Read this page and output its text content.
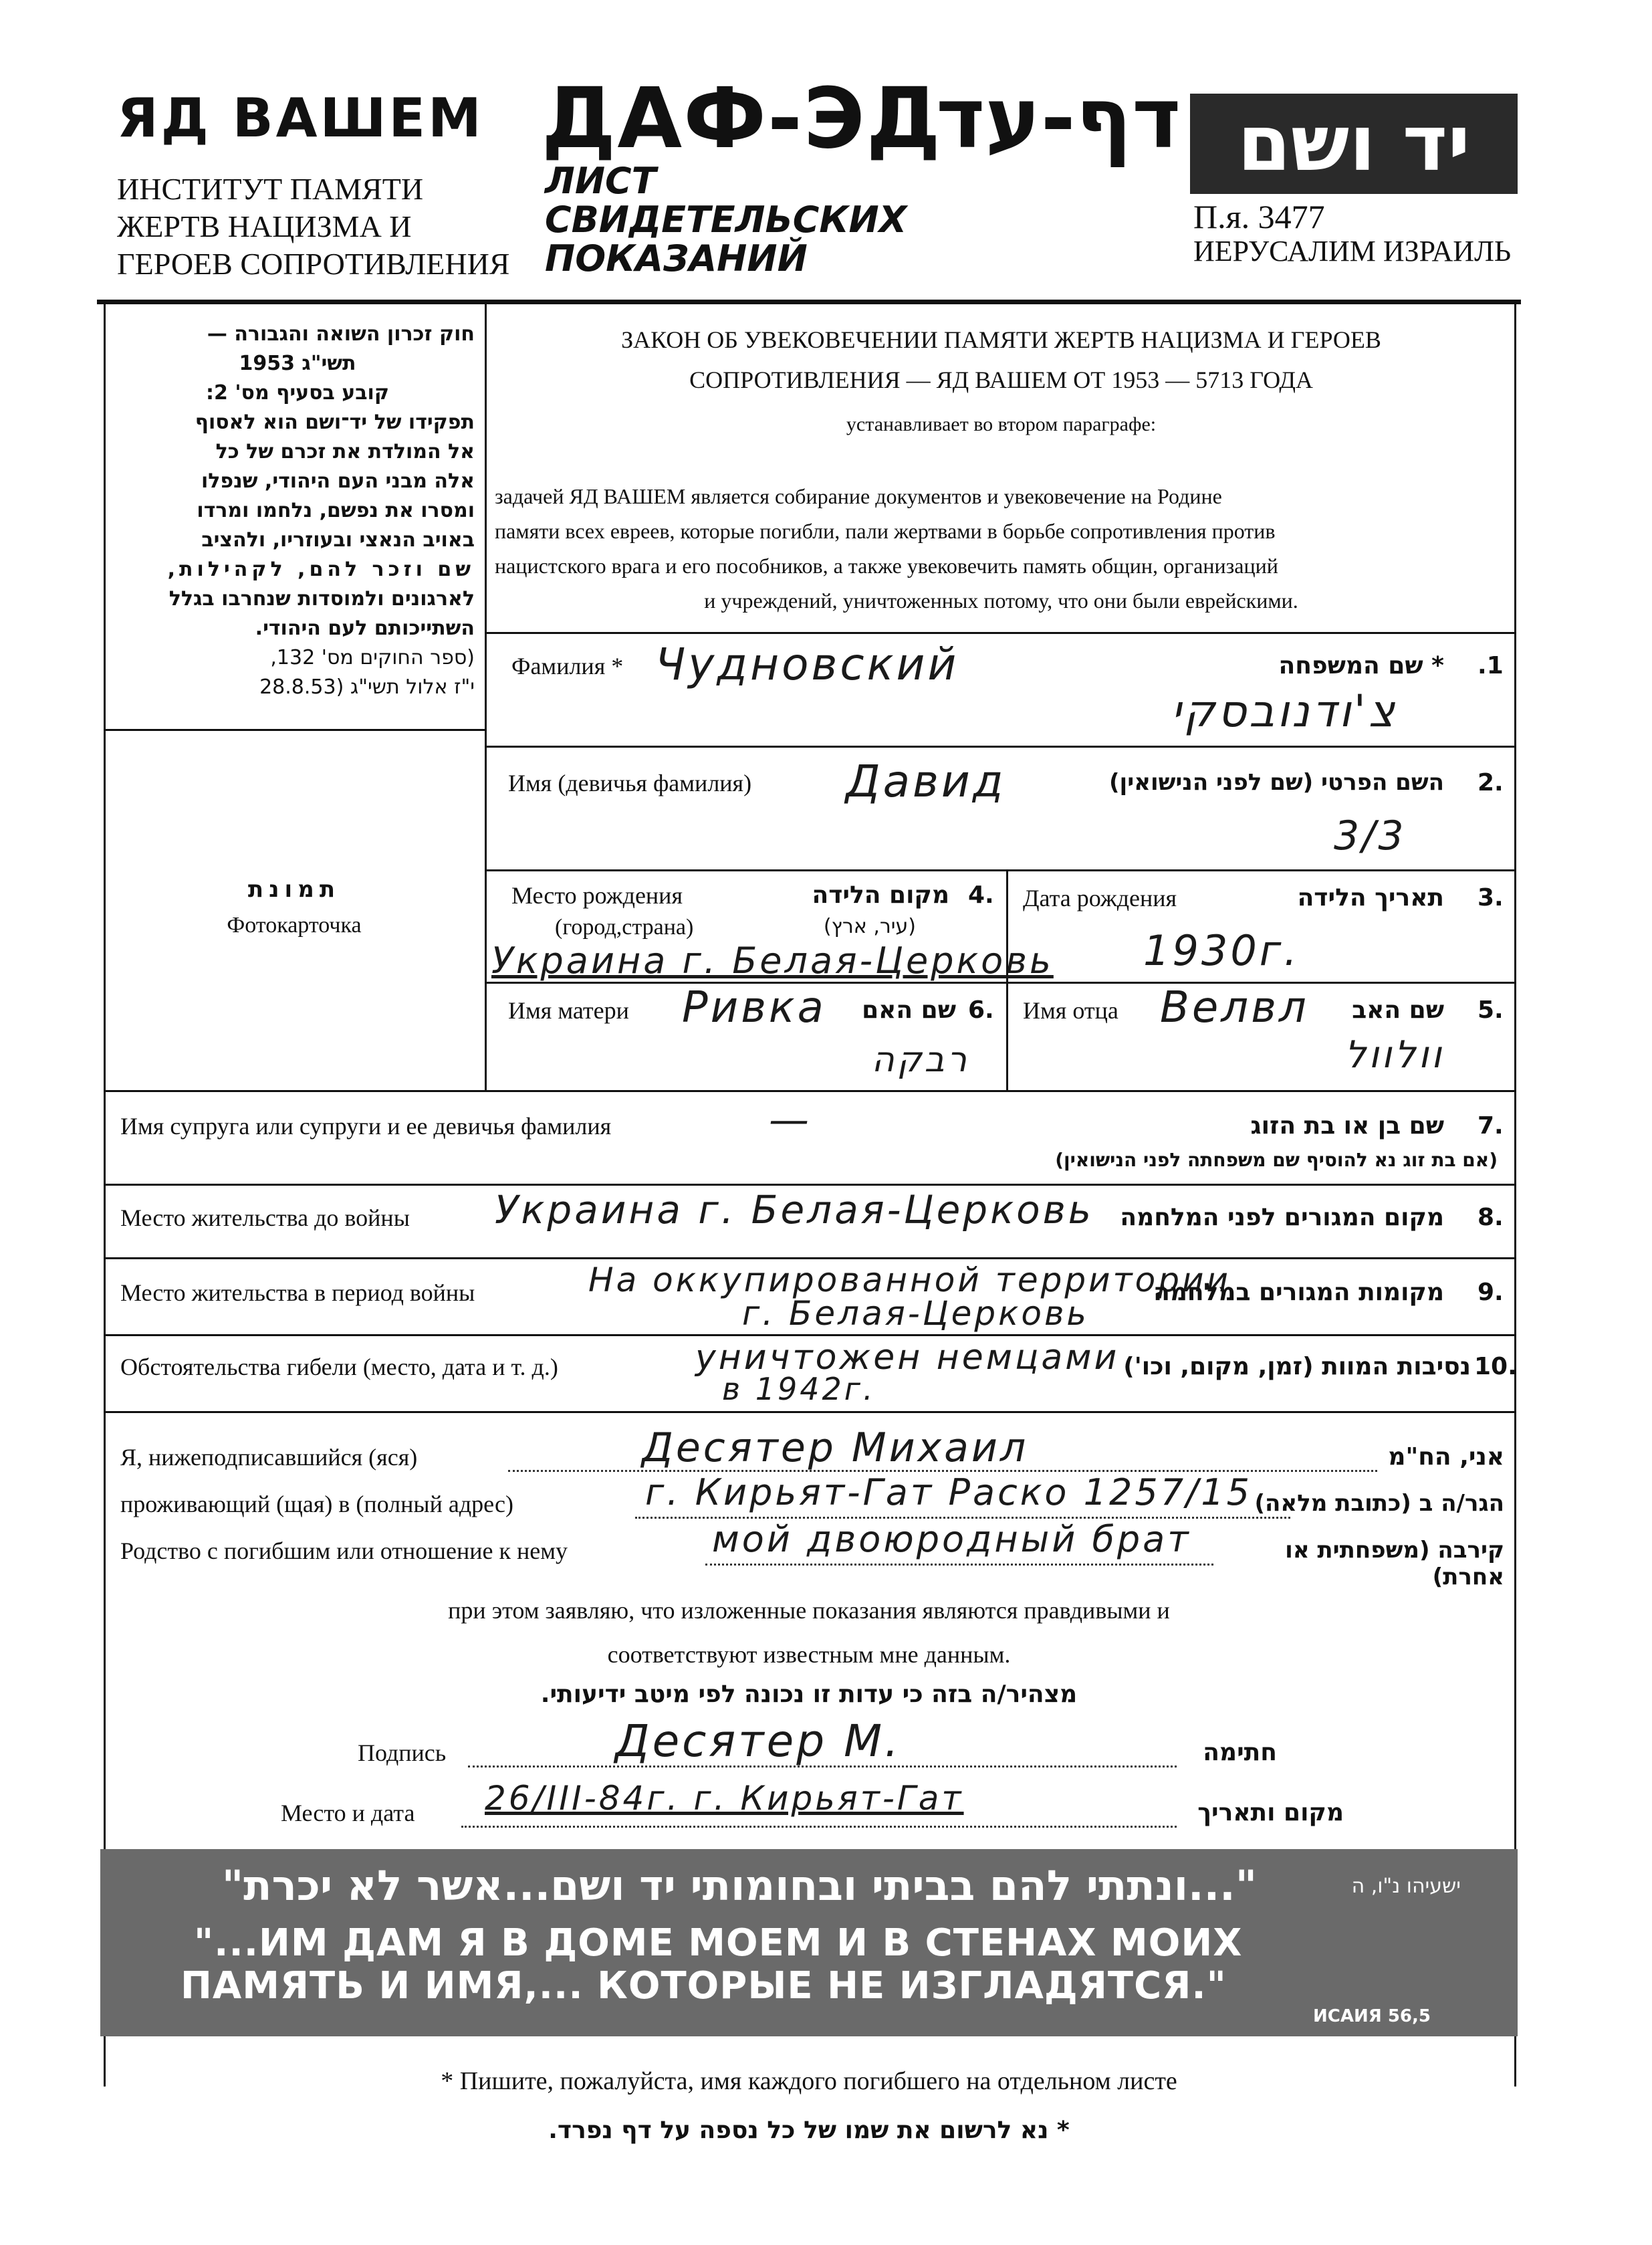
ЯД ВАШЕМ
ИНСТИТУТ ПАМЯТИ
ЖЕРТВ НАЦИЗМА И
ГЕРОЕВ СОПРОТИВЛЕНИЯ
ДАФ-ЭД
דף-עד
ЛИСТ
СВИДЕТЕЛЬСКИХ
ПОКАЗАНИЙ
יד ושם
П.я. 3477
ИЕРУСАЛИМ ИЗРАИЛЬ
חוק זכרון השואה והגבורה —
תשי"ג 1953
קובע בסעיף מס' 2:
תפקידו של יד־ושם הוא לאסוף
אל המולדת את זכרם של כל
אלה מבני העם היהודי, שנפלו
ומסרו את נפשם, נלחמו ומרדו
באויב הנאצי ובעוזריו, ולהציב
שם וזכר להם, לקהילות,
לארגונים ולמוסדות שנחרבו בגלל
השתייכותם לעם היהודי.
(ספר החוקים מס' 132,
י"ז אלול תשי"ג (28.8.53
תמונת
Фотокарточка
ЗАКОН ОБ УВЕКОВЕЧЕНИИ ПАМЯТИ ЖЕРТВ НАЦИЗМА И ГЕРОЕВ
СОПРОТИВЛЕНИЯ — ЯД ВАШЕМ ОТ 1953 — 5713 ГОДА
устанавливает во втором параграфе:
задачей ЯД ВАШЕМ является собирание документов и увековечение на Родине
памяти всех евреев, которые погибли, пали жертвами в борьбе сопротивления против
нацистского врага и его пособников, а также увековечить память общин, организаций
и учреждений, уничтоженных потому, что они были еврейскими.
Фамилия * Чудновский	* שם המשפחה 1.
צ'ודנובסקי
Имя (девичья фамилия) Давид	השם הפרטי (שם לפני הנישואין) 2.
3/3
Место рождения	מקום הלידה 4.
(город,страна)	(עיר, ארץ)
Украина г. Белая-Церковь
Дата рождения	תאריך הלידה 3.
1930г.
Имя матери Ривка	שם האם 6.
רבקה
Имя отца Велвл	שם האב 5.
וולוול
Имя супруга или супруги и ее девичья фамилия	—	שם בן או בת הזוג 7.
(אם בת זוג נא להוסיף שם משפחתה לפני הנישואין)
Место жительства до войны Украина г. Белая-Церковь	מקום המגורים לפני המלחמה 8.
Место жительства в период войны	На оккупированной территории
г. Белая-Церковь
מקומות המגורים במלחמה 9.
Обстоятельства гибели (место, дата и т. д.)	уничтожен немцами
в 1942г.
נסיבות המוות (זמן, מקום, וכו') 10.
Я, нижеподписавшийся (яся)	Десятер Михаил	אני, הח"מ
проживающий (щая) в (полный адрес)	г. Кирьят-Гат Раско 1257/15 הגר/ה ב (כתובת מלאה)
Родство с погибшим или отношение к нему	мой двоюродный брат	קירבה (משפחתית או אחרת)
при этом заявляю, что изложенные показания являются правдивыми и
соответствуют известным мне данным.
מצהיר/ה בזה כי עדות זו נכונה לפי מיטב ידיעותי.
Подпись	Десятер М.	חתימה
Место и дата 26/III-84г. г. Кирьят-Гат	מקום ותאריך
"...ונתתי להם בביתי ובחומותי יד ושם...אשר לא יכרת"	ישעיהו נ"ו, ה
"...ИМ ДАМ Я В ДОМЕ МОЕМ И В СТЕНАХ МОИХ
ПАМЯТЬ И ИМЯ,... КОТОРЫЕ НЕ ИЗГЛАДЯТСЯ."
ИСАИЯ 56,5
* Пишите, пожалуйста, имя каждого погибшего на отдельном листе
* נא לרשום את שמו של כל נספה על דף נפרד.
